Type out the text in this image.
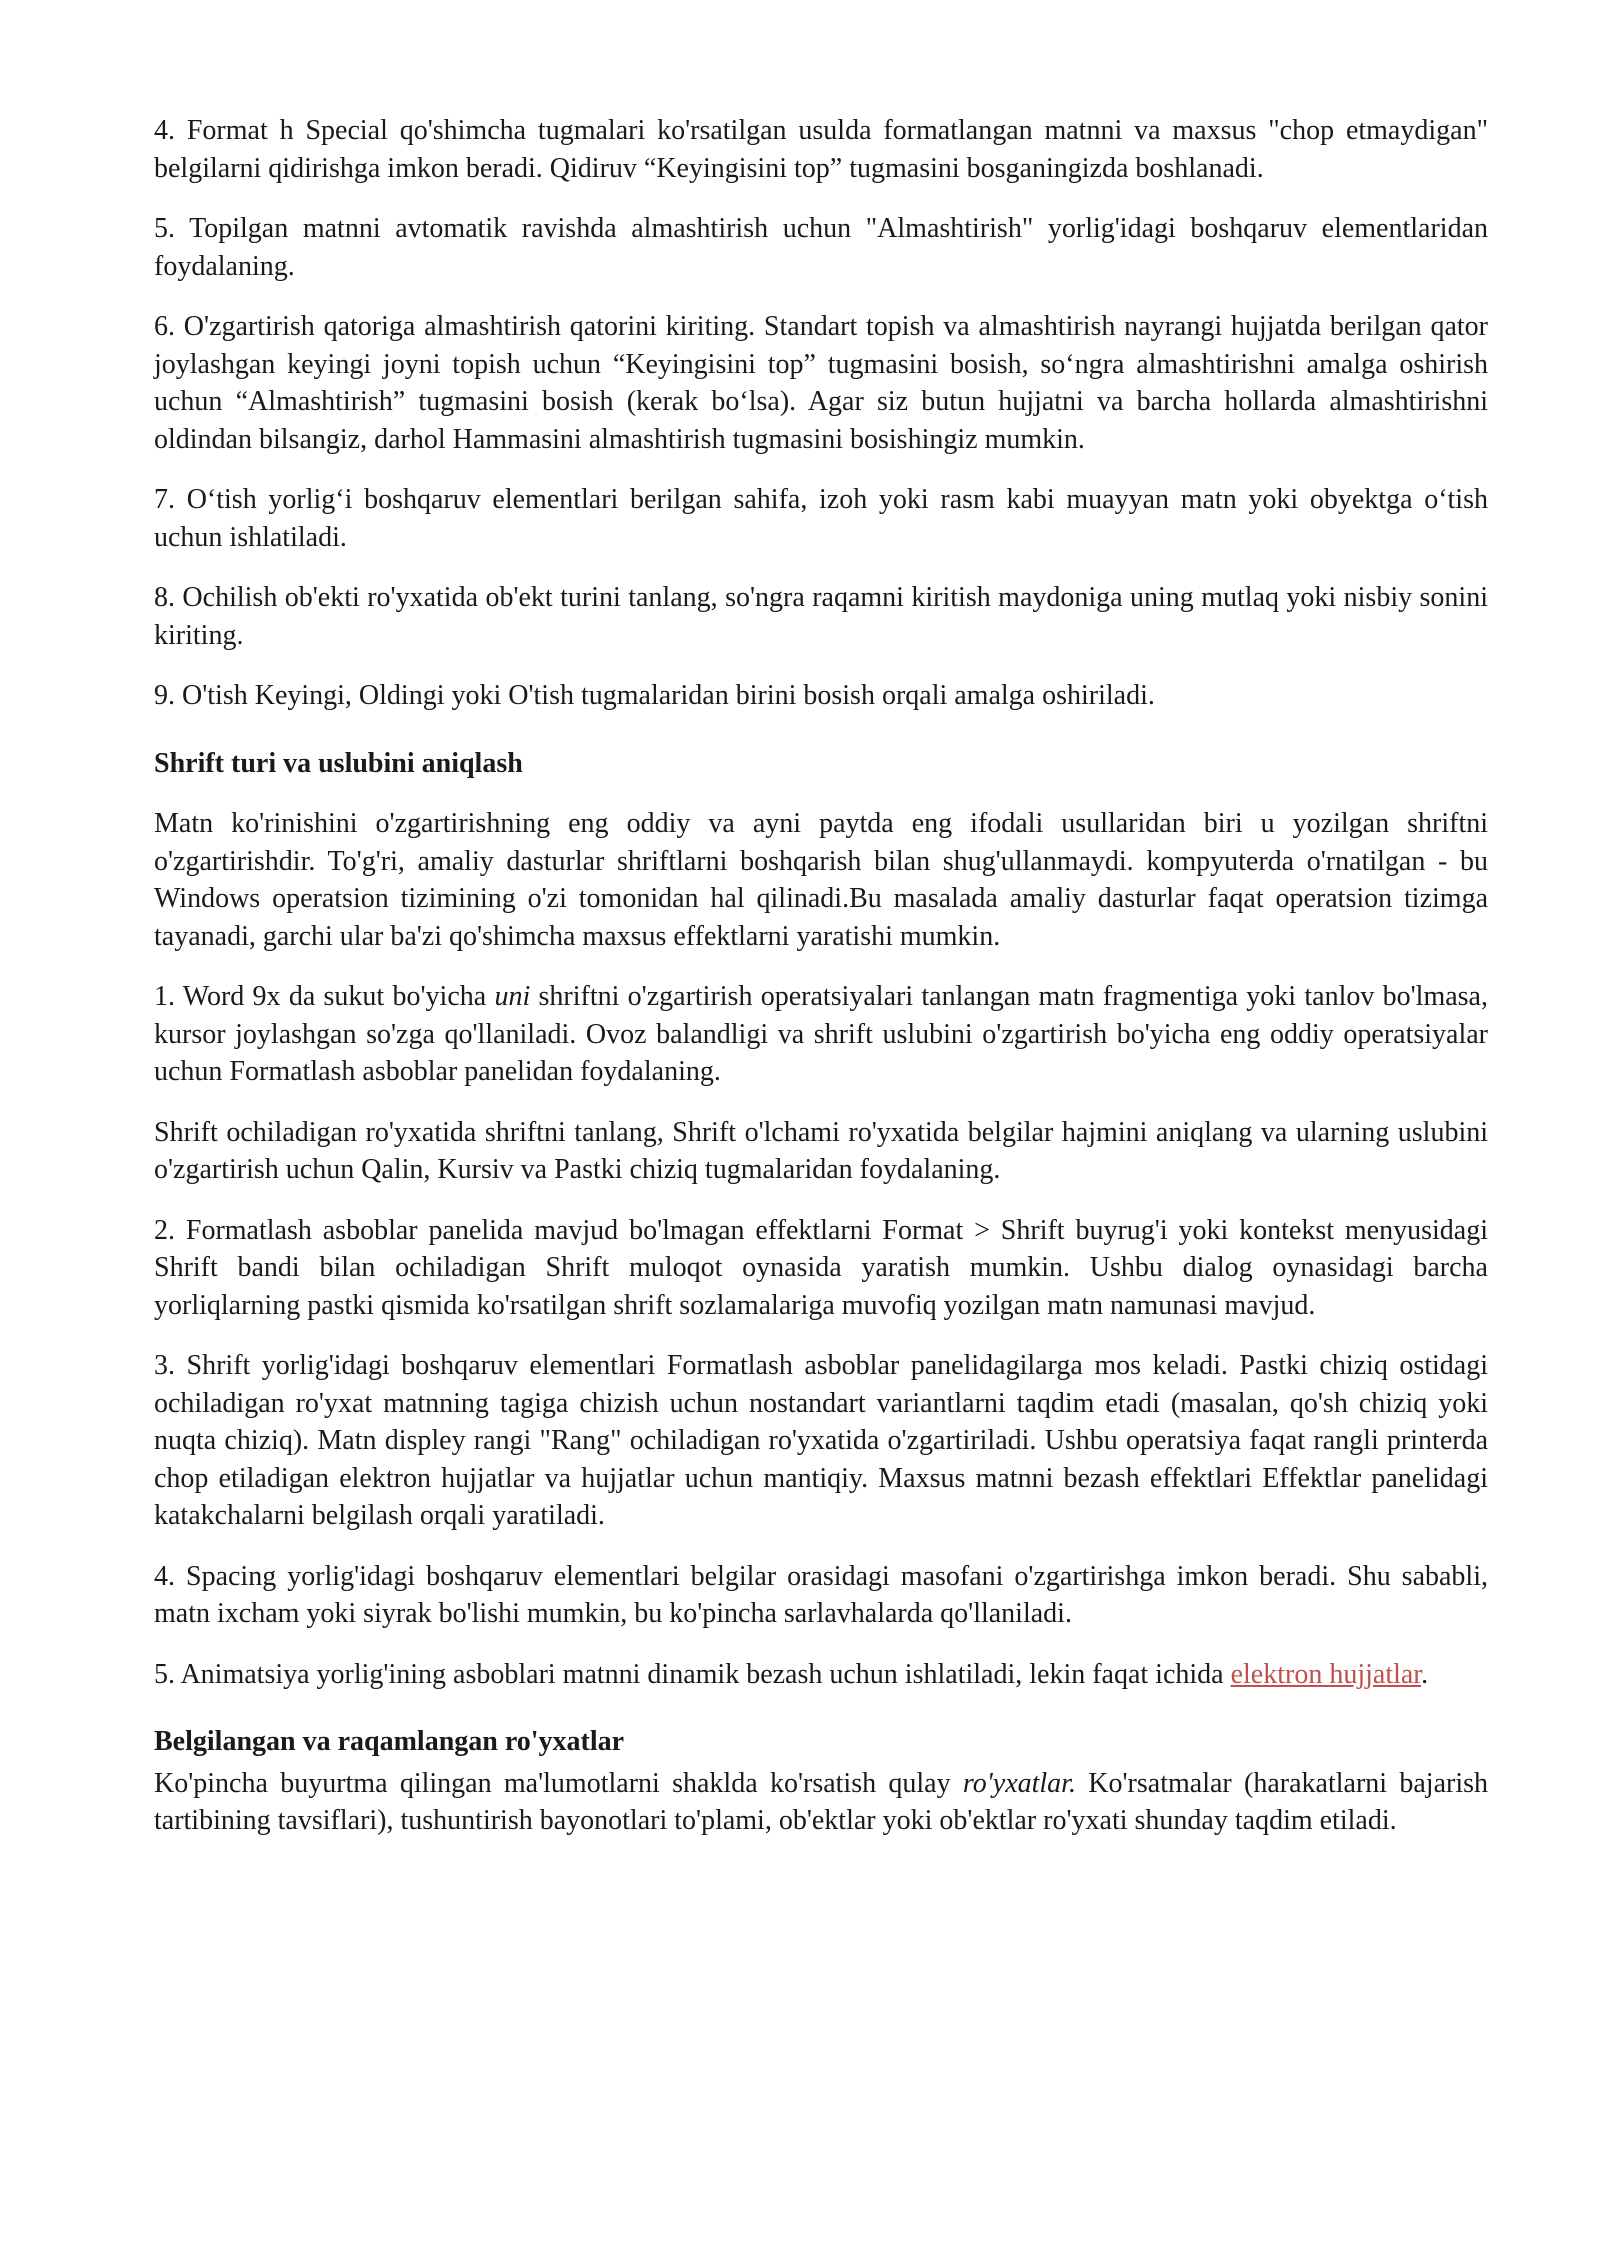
4. Format h Special qo'shimcha tugmalari ko'rsatilgan usulda formatlangan matnni va maxsus "chop etmaydigan" belgilarni qidirishga imkon beradi. Qidiruv “Keyingisini top” tugmasini bosganingizda boshlanadi.

5. Topilgan matnni avtomatik ravishda almashtirish uchun "Almashtirish" yorlig'idagi boshqaruv elementlaridan foydalaning.

6. O'zgartirish qatoriga almashtirish qatorini kiriting. Standart topish va almashtirish nayrangi hujjatda berilgan qator joylashgan keyingi joyni topish uchun “Keyingisini top” tugmasini bosish, so‘ngra almashtirishni amalga oshirish uchun “Almashtirish” tugmasini bosish (kerak bo‘lsa). Agar siz butun hujjatni va barcha hollarda almashtirishni oldindan bilsangiz, darhol Hammasini almashtirish tugmasini bosishingiz mumkin.

7. O‘tish yorlig‘i boshqaruv elementlari berilgan sahifa, izoh yoki rasm kabi muayyan matn yoki obyektga o‘tish uchun ishlatiladi.

8. Ochilish ob'ekti ro'yxatida ob'ekt turini tanlang, so'ngra raqamni kiritish maydoniga uning mutlaq yoki nisbiy sonini kiriting.

9. O'tish Keyingi, Oldingi yoki O'tish tugmalaridan birini bosish orqali amalga oshiriladi.

Shrift turi va uslubini aniqlash

Matn ko'rinishini o'zgartirishning eng oddiy va ayni paytda eng ifodali usullaridan biri u yozilgan shriftni o'zgartirishdir. To'g'ri, amaliy dasturlar shriftlarni boshqarish bilan shug'ullanmaydi. kompyuterda o'rnatilgan - bu Windows operatsion tizimining o'zi tomonidan hal qilinadi.Bu masalada amaliy dasturlar faqat operatsion tizimga tayanadi, garchi ular ba'zi qo'shimcha maxsus effektlarni yaratishi mumkin.

1. Word 9x da sukut bo'yicha uni shriftni o'zgartirish operatsiyalari tanlangan matn fragmentiga yoki tanlov bo'lmasa, kursor joylashgan so'zga qo'llaniladi. Ovoz balandligi va shrift uslubini o'zgartirish bo'yicha eng oddiy operatsiyalar uchun Formatlash asboblar panelidan foydalaning.

Shrift ochiladigan ro'yxatida shriftni tanlang, Shrift o'lchami ro'yxatida belgilar hajmini aniqlang va ularning uslubini o'zgartirish uchun Qalin, Kursiv va Pastki chiziq tugmalaridan foydalaning.

2. Formatlash asboblar panelida mavjud bo'lmagan effektlarni Format > Shrift buyrug'i yoki kontekst menyusidagi Shrift bandi bilan ochiladigan Shrift muloqot oynasida yaratish mumkin. Ushbu dialog oynasidagi barcha yorliqlarning pastki qismida ko'rsatilgan shrift sozlamalariga muvofiq yozilgan matn namunasi mavjud.

3. Shrift yorlig'idagi boshqaruv elementlari Formatlash asboblar panelidagilarga mos keladi. Pastki chiziq ostidagi ochiladigan ro'yxat matnning tagiga chizish uchun nostandart variantlarni taqdim etadi (masalan, qo'sh chiziq yoki nuqta chiziq). Matn displey rangi "Rang" ochiladigan ro'yxatida o'zgartiriladi. Ushbu operatsiya faqat rangli printerda chop etiladigan elektron hujjatlar va hujjatlar uchun mantiqiy. Maxsus matnni bezash effektlari Effektlar panelidagi katakchalarni belgilash orqali yaratiladi.

4. Spacing yorlig'idagi boshqaruv elementlari belgilar orasidagi masofani o'zgartirishga imkon beradi. Shu sababli, matn ixcham yoki siyrak bo'lishi mumkin, bu ko'pincha sarlavhalarda qo'llaniladi.

5. Animatsiya yorlig'ining asboblari matnni dinamik bezash uchun ishlatiladi, lekin faqat ichida elektron hujjatlar.

Belgilangan va raqamlangan ro'yxatlar

Ko'pincha buyurtma qilingan ma'lumotlarni shaklda ko'rsatish qulay ro'yxatlar. Ko'rsatmalar (harakatlarni bajarish tartibining tavsiflari), tushuntirish bayonotlari to'plami, ob'ektlar yoki ob'ektlar ro'yxati shunday taqdim etiladi.
